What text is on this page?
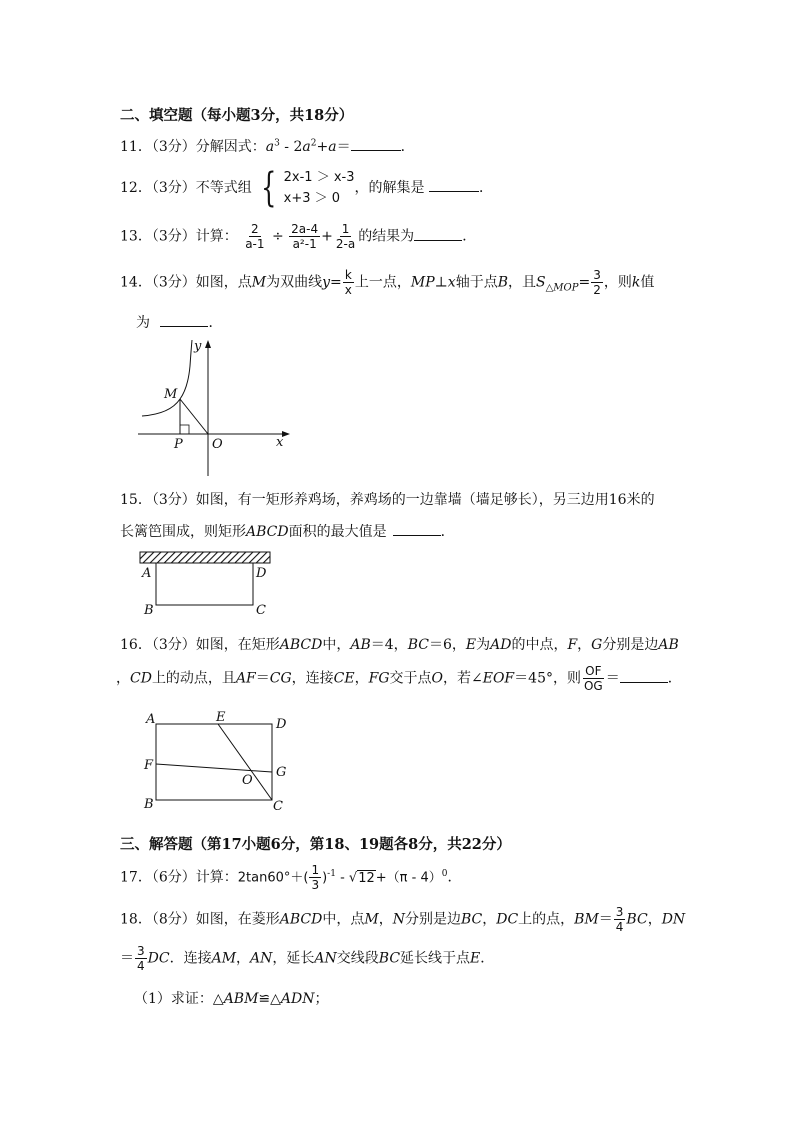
二、填空题（每小题3分，共18分）
11．（3分）分解因式：$a^3 - 2a^2+a=$	．
12．（3分）不等式组 { 2x-1 ＞ x-3
x+3 ＞ 0
，的解集是	．
13．（3分）计算： $\frac{2}{a-1} \div \frac{2a-4}{\text{a²-1}} + \frac{1}{2-a}$ 的结果为	．
14．（3分）如图，点M为双曲线$y= \frac{k}{x}$ 上一点，MP⊥x轴于点B，且$S_{\triangle MOP}= \frac{3}{2}$ ，则k值
为	．
M
P O	x
y
15．（3分）如图，有一矩形养鸡场，养鸡场的一边靠墙（墙足够长），另三边用16米的
长篱笆围成，则矩形ABCD面积的最大值是	．
A	D
B	C
16．（3分）如图，在矩形ABCD中，AB＝4，BC＝6，E为AD的中点，F，G分别是边AB
，CD上的动点，且AF＝CG，连接CE，FG交于点O，若∠EOF＝45°，则 $\frac{OF}{OG}$ ＝	．
A	E	D
F	G
O
B	C
三、解答题（第17小题6分，第18、19题各8分，共22分）
17．（6分）计算：$2\tan 60^\circ+( \frac{1}{3} )^{-1} - √12+(\pi - 4)^0$．
18．（8分）如图，在菱形ABCD中，点M，N分别是边BC，DC上的点，$BM= \frac{3}{4}$ BC，DN
＝ $\frac{3}{4}$ DC．连接AM，AN，延长AN交线段BC延长线于点E．
（1）求证：△ABM≌△ADN；
